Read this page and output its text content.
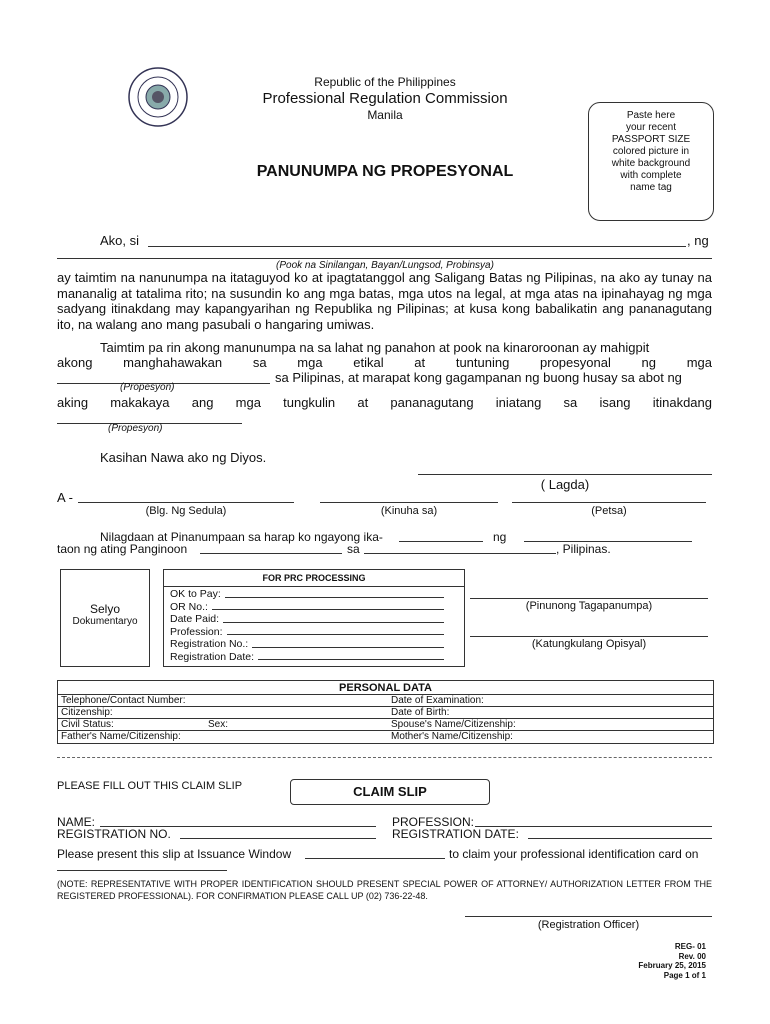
Republic of the Philippines
Professional Regulation Commission
Manila	Paste here
your recent
PASSPORT SIZE
colored picture in
white background
with complete
name tag
PANUNUMPA NG PROPESYONAL
Ako, si	, ng
(Pook na Sinilangan, Bayan/Lungsod, Probinsya)
ay taimtim na nanunumpa na itataguyod ko at ipagtatanggol ang Saligang Batas ng Pilipinas, na ako ay tunay na mananalig at tatalima rito; na susundin ko ang mga batas, mga utos na legal, at mga atas na ipinahayag ng mga sadyang itinakdang may kapangyarihan ng Republika ng Pilipinas; at kusa kong babalikatin ang pananagutang ito, na walang ano mang pasubali o hangaring umiwas.
Taimtim pa rin akong manunumpa na sa lahat ng panahon at pook na kinaroroonan ay mahigpit
akong manghahawakan sa mga etikal at tuntuning propesyonal ng mga
sa Pilipinas, at marapat kong gagampanan ng buong husay sa abot ng
(Propesyon)
aking makakaya ang mga tungkulin at pananagutang iniatang sa isang itinakdang
(Propesyon)
Kasihan Nawa ako ng Diyos.
( Lagda)
A -
(Blg. Ng Sedula)	(Kinuha sa)	(Petsa)
Nilagdaan at Pinanumpaan sa harap ko ngayong ika-	ng
taon ng ating Panginoon	sa	, Pilipinas.
Selyo
Dokumentaryo
FOR PRC PROCESSING
OK to Pay:
OR No.:
Date Paid:
Profession:
Registration No.:
Registration Date:
(Pinunong Tagapanumpa)
(Katungkulang Opisyal)
PERSONAL DATA
Telephone/Contact Number:	Date of Examination:
Citizenship:	Date of Birth:
Civil Status:	Sex:	Spouse's Name/Citizenship:
Father's Name/Citizenship:	Mother's Name/Citizenship:
PLEASE FILL OUT THIS CLAIM SLIP	CLAIM SLIP
NAME:	PROFESSION:
REGISTRATION NO.	REGISTRATION DATE:
Please present this slip at Issuance Window	to claim your professional identification card on
(NOTE: REPRESENTATIVE WITH PROPER IDENTIFICATION SHOULD PRESENT SPECIAL POWER OF ATTORNEY/ AUTHORIZATION LETTER FROM THE REGISTERED PROFESSIONAL). FOR CONFIRMATION PLEASE CALL UP (02) 736-22-48.
(Registration Officer)
REG- 01
Rev. 00
February 25, 2015
Page 1 of 1
